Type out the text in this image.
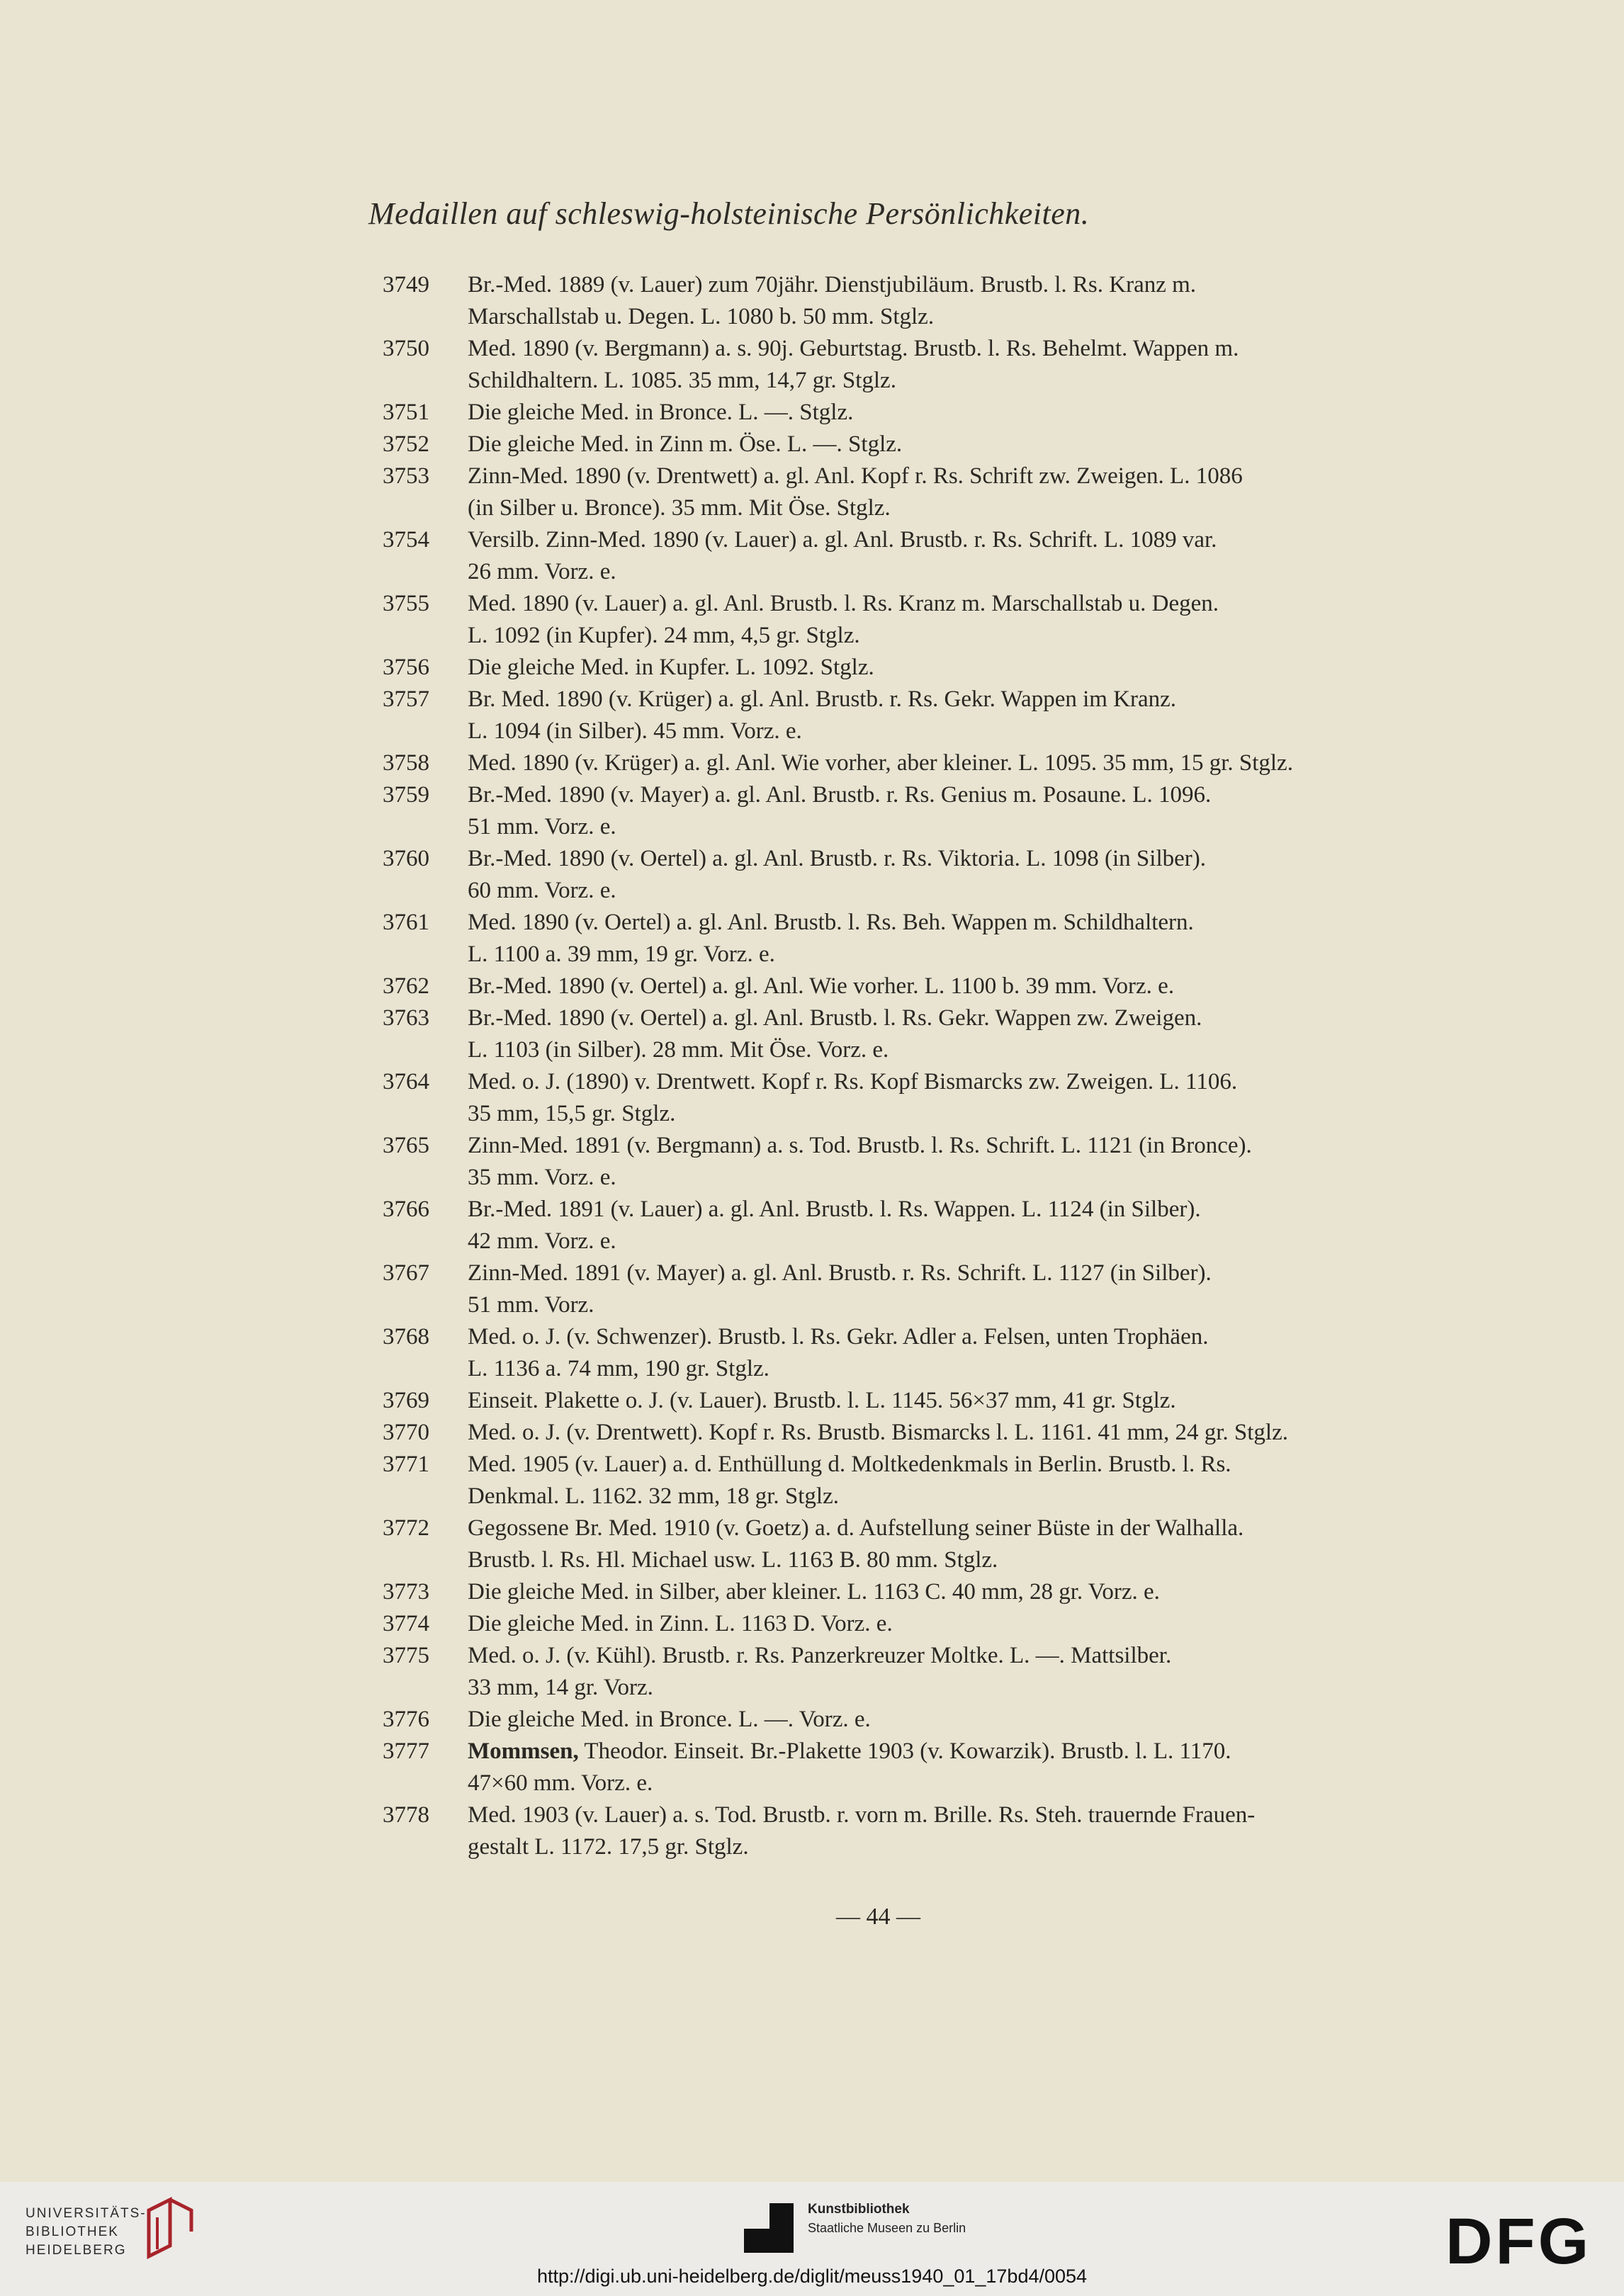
Medaillen auf schleswig-holsteinische Persönlichkeiten.
3749	Br.-Med. 1889 (v. Lauer) zum 70jähr. Dienstjubiläum. Brustb. l. Rs. Kranz m.
Marschallstab u. Degen. L. 1080 b. 50 mm. Stglz.
3750	Med. 1890 (v. Bergmann) a. s. 90j. Geburtstag. Brustb. l. Rs. Behelmt. Wappen m.
Schildhaltern. L. 1085. 35 mm, 14,7 gr. Stglz.
3751	Die gleiche Med. in Bronce. L. —. Stglz.
3752	Die gleiche Med. in Zinn m. Öse. L. —. Stglz.
3753	Zinn-Med. 1890 (v. Drentwett) a. gl. Anl. Kopf r. Rs. Schrift zw. Zweigen. L. 1086
(in Silber u. Bronce). 35 mm. Mit Öse. Stglz.
3754	Versilb. Zinn-Med. 1890 (v. Lauer) a. gl. Anl. Brustb. r. Rs. Schrift. L. 1089 var.
26 mm. Vorz. e.
3755	Med. 1890 (v. Lauer) a. gl. Anl. Brustb. l. Rs. Kranz m. Marschallstab u. Degen.
L. 1092 (in Kupfer). 24 mm, 4,5 gr. Stglz.
3756	Die gleiche Med. in Kupfer. L. 1092. Stglz.
3757	Br. Med. 1890 (v. Krüger) a. gl. Anl. Brustb. r. Rs. Gekr. Wappen im Kranz.
L. 1094 (in Silber). 45 mm. Vorz. e.
3758	Med. 1890 (v. Krüger) a. gl. Anl. Wie vorher, aber kleiner. L. 1095. 35 mm, 15 gr. Stglz.
3759	Br.-Med. 1890 (v. Mayer) a. gl. Anl. Brustb. r. Rs. Genius m. Posaune. L. 1096.
51 mm. Vorz. e.
3760	Br.-Med. 1890 (v. Oertel) a. gl. Anl. Brustb. r. Rs. Viktoria. L. 1098 (in Silber).
60 mm. Vorz. e.
3761	Med. 1890 (v. Oertel) a. gl. Anl. Brustb. l. Rs. Beh. Wappen m. Schildhaltern.
L. 1100 a. 39 mm, 19 gr. Vorz. e.
3762	Br.-Med. 1890 (v. Oertel) a. gl. Anl. Wie vorher. L. 1100 b. 39 mm. Vorz. e.
3763	Br.-Med. 1890 (v. Oertel) a. gl. Anl. Brustb. l. Rs. Gekr. Wappen zw. Zweigen.
L. 1103 (in Silber). 28 mm. Mit Öse. Vorz. e.
3764	Med. o. J. (1890) v. Drentwett. Kopf r. Rs. Kopf Bismarcks zw. Zweigen. L. 1106.
35 mm, 15,5 gr. Stglz.
3765	Zinn-Med. 1891 (v. Bergmann) a. s. Tod. Brustb. l. Rs. Schrift. L. 1121 (in Bronce).
35 mm. Vorz. e.
3766	Br.-Med. 1891 (v. Lauer) a. gl. Anl. Brustb. l. Rs. Wappen. L. 1124 (in Silber).
42 mm. Vorz. e.
3767	Zinn-Med. 1891 (v. Mayer) a. gl. Anl. Brustb. r. Rs. Schrift. L. 1127 (in Silber).
51 mm. Vorz.
3768	Med. o. J. (v. Schwenzer). Brustb. l. Rs. Gekr. Adler a. Felsen, unten Trophäen.
L. 1136 a. 74 mm, 190 gr. Stglz.
3769	Einseit. Plakette o. J. (v. Lauer). Brustb. l. L. 1145. 56×37 mm, 41 gr. Stglz.
3770	Med. o. J. (v. Drentwett). Kopf r. Rs. Brustb. Bismarcks l. L. 1161. 41 mm, 24 gr. Stglz.
3771	Med. 1905 (v. Lauer) a. d. Enthüllung d. Moltkedenkmals in Berlin. Brustb. l. Rs.
Denkmal. L. 1162. 32 mm, 18 gr. Stglz.
3772	Gegossene Br. Med. 1910 (v. Goetz) a. d. Aufstellung seiner Büste in der Walhalla.
Brustb. l. Rs. Hl. Michael usw. L. 1163 B. 80 mm. Stglz.
3773	Die gleiche Med. in Silber, aber kleiner. L. 1163 C. 40 mm, 28 gr. Vorz. e.
3774	Die gleiche Med. in Zinn. L. 1163 D. Vorz. e.
3775	Med. o. J. (v. Kühl). Brustb. r. Rs. Panzerkreuzer Moltke. L. —. Mattsilber.
33 mm, 14 gr. Vorz.
3776	Die gleiche Med. in Bronce. L. —. Vorz. e.
3777	Mommsen, Theodor. Einseit. Br.-Plakette 1903 (v. Kowarzik). Brustb. l. L. 1170.
47×60 mm. Vorz. e.
3778	Med. 1903 (v. Lauer) a. s. Tod. Brustb. r. vorn m. Brille. Rs. Steh. trauernde Frauen-
gestalt L. 1172. 17,5 gr. Stglz.
— 44 —
UNIVERSITÄTS-
BIBLIOTHEK
HEIDELBERG
Kunstbibliothek
Staatliche Museen zu Berlin	DFG
http://digi.ub.uni-heidelberg.de/diglit/meuss1940_01_17bd4/0054
